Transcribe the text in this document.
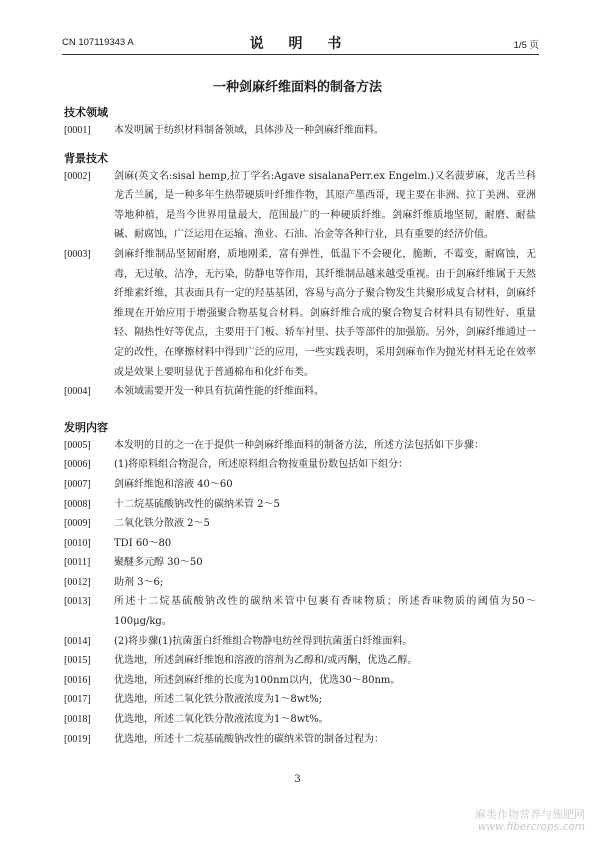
CN 107119343 A	说 明 书	1/5 页
一种剑麻纤维面料的制备方法
技术领域
[0001]	本发明属于纺织材料制备领域，具体涉及一种剑麻纤维面料。
背景技术
[0002]	剑麻(英文名:sisal hemp,拉丁学名:Agave sisalanaPerr.ex Engelm.)又名菠萝麻，龙舌兰科龙舌兰属，是一种多年生热带硬质叶纤维作物，其原产墨西哥，现主要在非洲、拉丁美洲、亚洲等地种植，是当今世界用量最大，范围最广的一种硬质纤维。剑麻纤维质地坚韧，耐磨、耐盐碱、耐腐蚀，广泛运用在运输、渔业、石油、冶金等各种行业，具有重要的经济价值。
[0003]	剑麻纤维制品坚韧耐磨，质地刚柔，富有弹性，低温下不会硬化，脆断，不霉变，耐腐蚀，无毒，无过敏，洁净，无污染，防静电等作用，其纤维制品越来越受重视。由于剑麻纤维属于天然纤维素纤维，其表面具有一定的羟基基团，容易与高分子聚合物发生共聚形成复合材料，剑麻纤维现在开始应用于增强聚合物基复合材料。剑麻纤维合成的聚合物复合材料具有韧性好、重量轻、隔热性好等优点，主要用于门板、轿车衬里、扶手等部件的加强筋。另外，剑麻纤维通过一定的改性，在摩擦材料中得到广泛的应用，一些实践表明，采用剑麻布作为抛光材料无论在效率或是效果上要明显优于普通棉布和化纤布类。
[0004]	本领域需要开发一种具有抗菌性能的纤维面料。
发明内容
[0005]	本发明的目的之一在于提供一种剑麻纤维面料的制备方法，所述方法包括如下步骤：
[0006]	(1)将原料组合物混合，所述原料组合物按重量份数包括如下组分：
[0007]	剑麻纤维饱和溶液 40～60
[0008]	十二烷基硫酸钠改性的碳纳米管 2～5
[0009]	二氧化铁分散液 2～5
[0010]	TDI 60～80
[0011]	聚醚多元醇 30～50
[0012]	助剂 3～6;
[0013]	所述十二烷基硫酸钠改性的碳纳米管中包裹有香味物质；所述香味物质的阈值为50～100μg/kg。
[0014]	(2)将步骤(1)抗菌蛋白纤维组合物静电纺丝得到抗菌蛋白纤维面料。
[0015]	优选地，所述剑麻纤维饱和溶液的溶剂为乙醇和/或丙酮，优选乙醇。
[0016]	优选地，所述剑麻纤维的长度为100nm以内，优选30～80nm。
[0017]	优选地，所述二氧化铁分散液浓度为1～8wt%;
[0018]	优选地，所述二氧化铁分散液浓度为1～8wt%。
[0019]	优选地，所述十二烷基硫酸钠改性的碳纳米管的制备过程为：
3
麻类作物营养与施肥网
www.fibercrops.com
